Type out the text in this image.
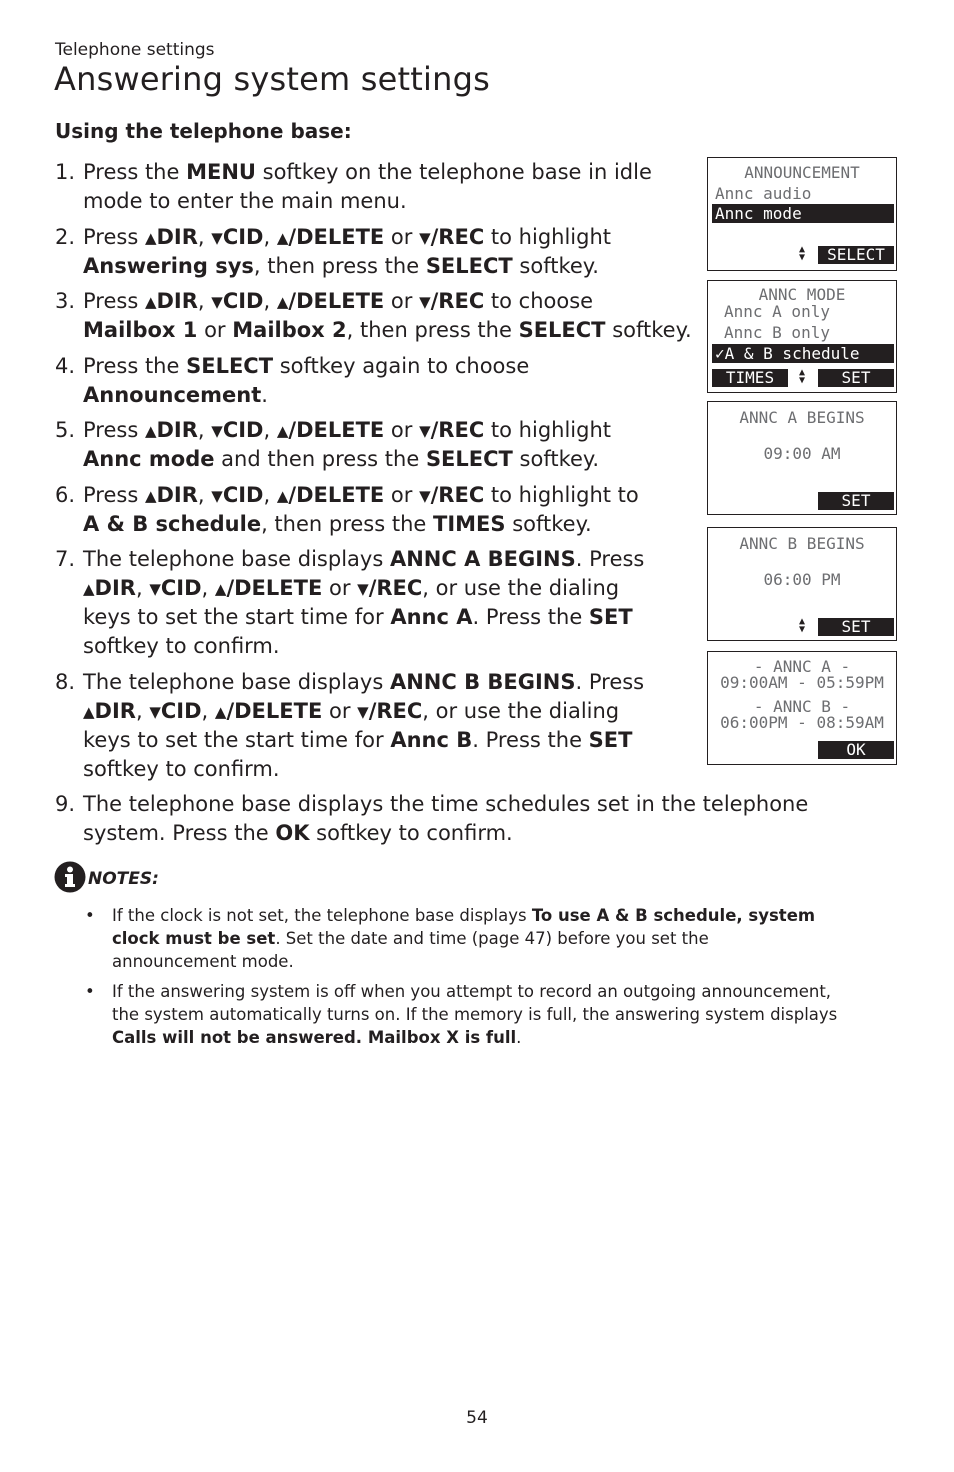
Telephone settings
Answering system settings
Using the telephone base:
1. Press the MENU softkey on the telephone base in idle
mode to enter the main menu.
2. Press ▲DIR, ▼CID, ▲/DELETE or ▼/REC to highlight
Answering sys, then press the SELECT softkey.
3. Press ▲DIR, ▼CID, ▲/DELETE or ▼/REC to choose
Mailbox 1 or Mailbox 2, then press the SELECT softkey.
4. Press the SELECT softkey again to choose
Announcement.
5. Press ▲DIR, ▼CID, ▲/DELETE or ▼/REC to highlight
Annc mode and then press the SELECT softkey.
6. Press ▲DIR, ▼CID, ▲/DELETE or ▼/REC to highlight to
A & B schedule, then press the TIMES softkey.
7. The telephone base displays ANNC A BEGINS. Press
▲DIR, ▼CID, ▲/DELETE or ▼/REC, or use the dialing
keys to set the start time for Annc A. Press the SET
softkey to confirm.
8. The telephone base displays ANNC B BEGINS. Press
▲DIR, ▼CID, ▲/DELETE or ▼/REC, or use the dialing
keys to set the start time for Annc B. Press the SET
softkey to confirm.
9. The telephone base displays the time schedules set in the telephone
system. Press the OK softkey to confirm.
ANNOUNCEMENT
Annc audio
Annc mode
▲
▼	SELECT
ANNC MODE
Annc A only
Annc B only
✓A & B schedule
TIMES	▲
▼	SET
ANNC A BEGINS
09:00 AM
SET
ANNC B BEGINS
06:00 PM
▲
▼	SET
- ANNC A -
09:00AM - 05:59PM
- ANNC B -
06:00PM - 08:59AM
OK
NOTES:
• If the clock is not set, the telephone base displays To use A & B schedule, system
clock must be set. Set the date and time (page 47) before you set the
announcement mode.
• If the answering system is off when you attempt to record an outgoing announcement,
the system automatically turns on. If the memory is full, the answering system displays
Calls will not be answered. Mailbox X is full.
54
